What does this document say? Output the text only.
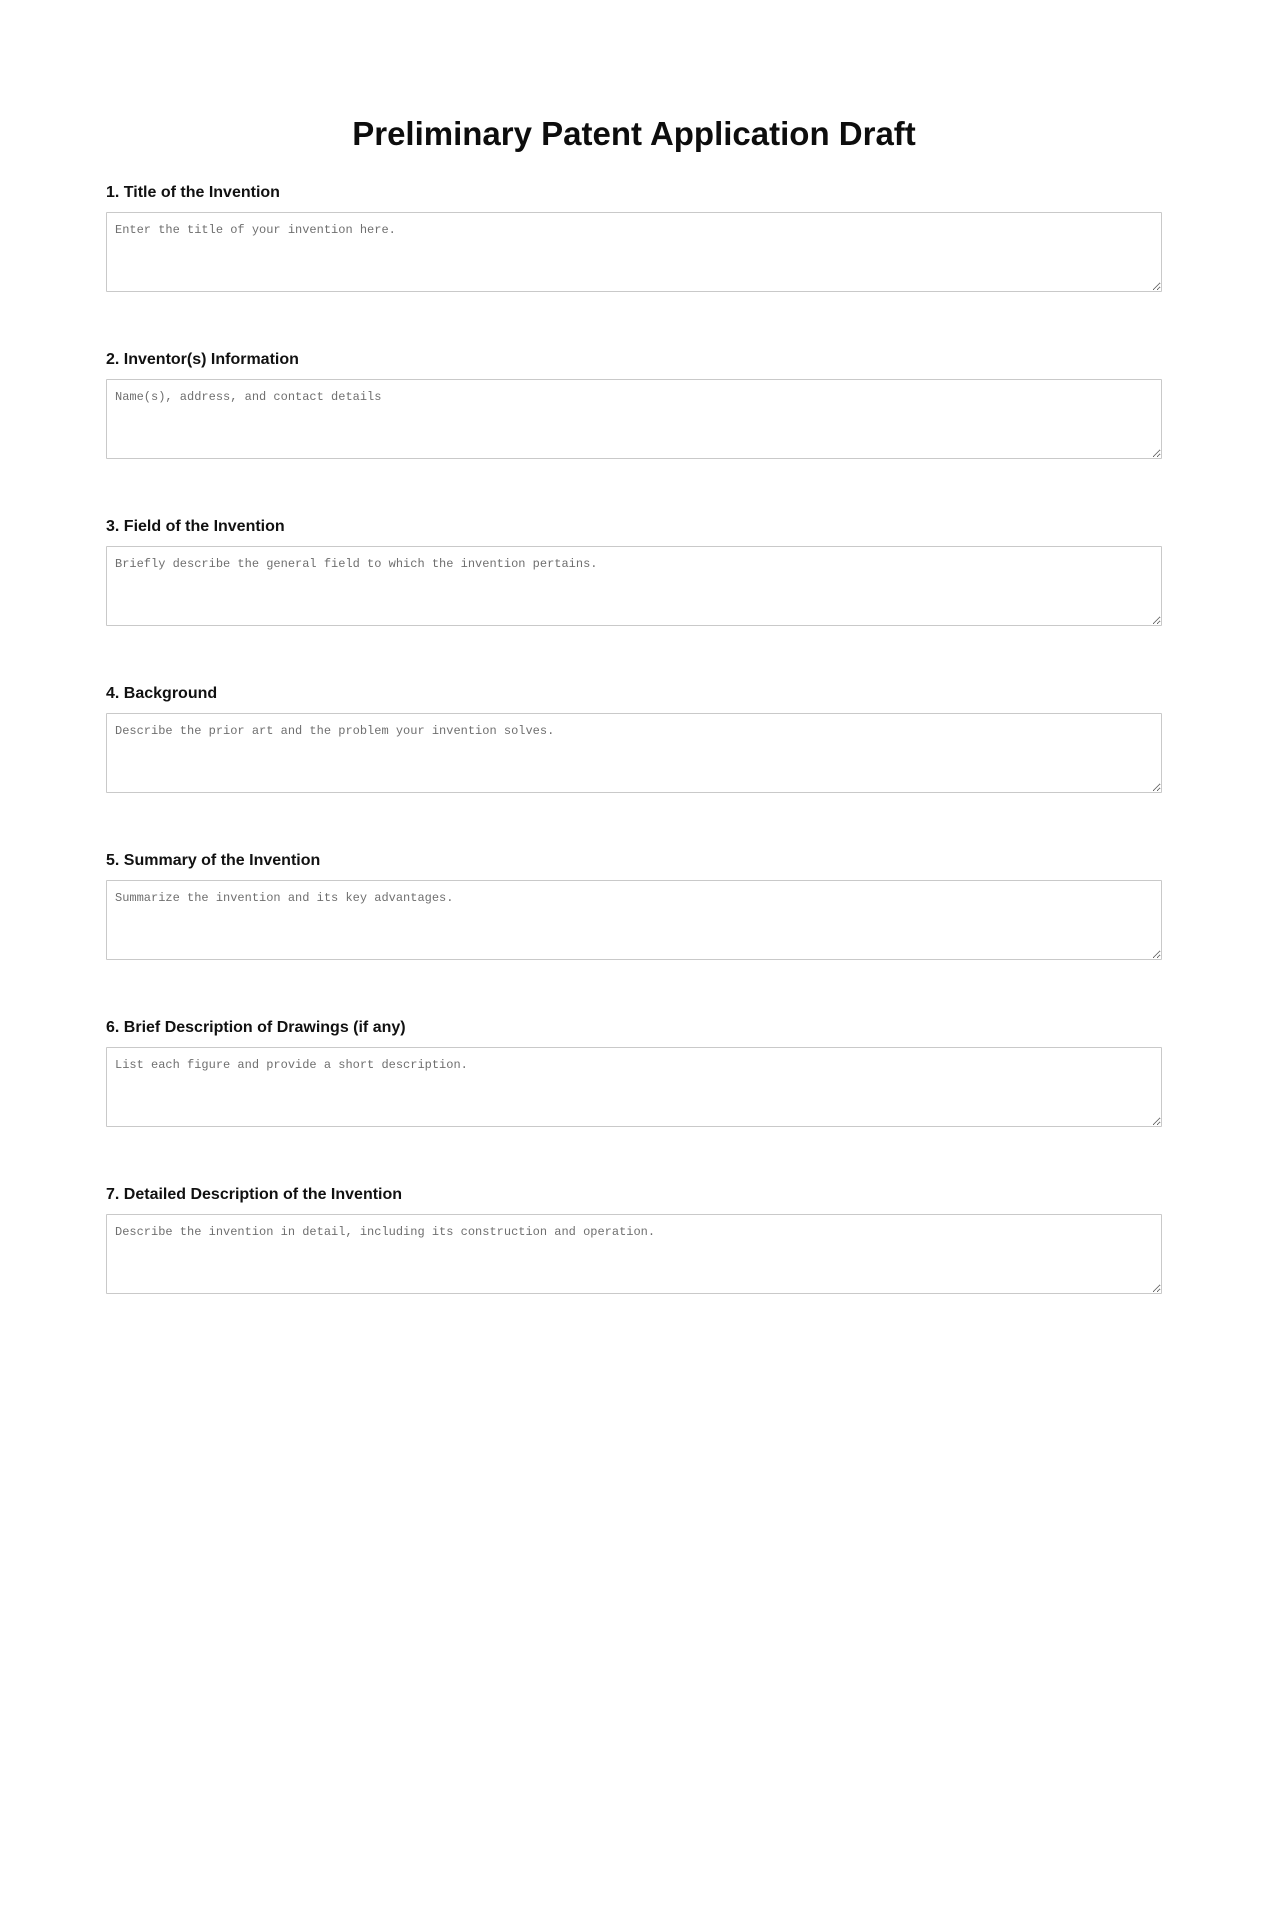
Preliminary Patent Application Draft
1. Title of the Invention
Enter the title of your invention here.
2. Inventor(s) Information
Name(s), address, and contact details
3. Field of the Invention
Briefly describe the general field to which the invention pertains.
4. Background
Describe the prior art and the problem your invention solves.
5. Summary of the Invention
Summarize the invention and its key advantages.
6. Brief Description of Drawings (if any)
List each figure and provide a short description.
7. Detailed Description of the Invention
Describe the invention in detail, including its construction and operation.
